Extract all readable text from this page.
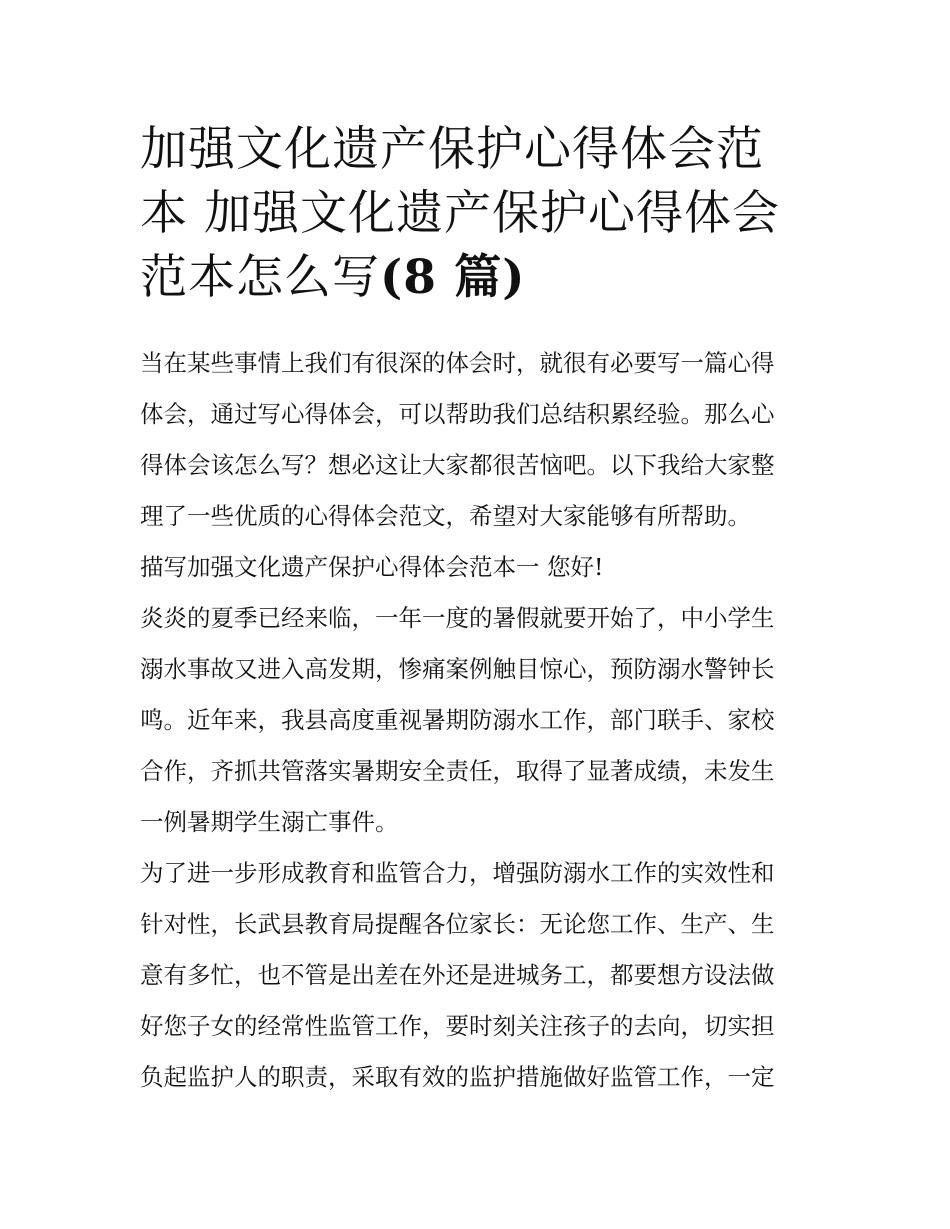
加强文化遗产保护心得体会范
本 加强文化遗产保护心得体会
范本怎么写(8 篇)

当在某些事情上我们有很深的体会时，就很有必要写一篇心得
体会，通过写心得体会，可以帮助我们总结积累经验。那么心
得体会该怎么写？想必这让大家都很苦恼吧。以下我给大家整
理了一些优质的心得体会范文，希望对大家能够有所帮助。

描写加强文化遗产保护心得体会范本一 您好!

炎炎的夏季已经来临，一年一度的暑假就要开始了，中小学生
溺水事故又进入高发期，惨痛案例触目惊心，预防溺水警钟长
鸣。近年来，我县高度重视暑期防溺水工作，部门联手、家校
合作，齐抓共管落实暑期安全责任，取得了显著成绩，未发生
一例暑期学生溺亡事件。

为了进一步形成教育和监管合力，增强防溺水工作的实效性和
针对性，长武县教育局提醒各位家长：无论您工作、生产、生
意有多忙，也不管是出差在外还是进城务工，都要想方设法做
好您子女的经常性监管工作，要时刻关注孩子的去向，切实担
负起监护人的职责，采取有效的监护措施做好监管工作，一定
